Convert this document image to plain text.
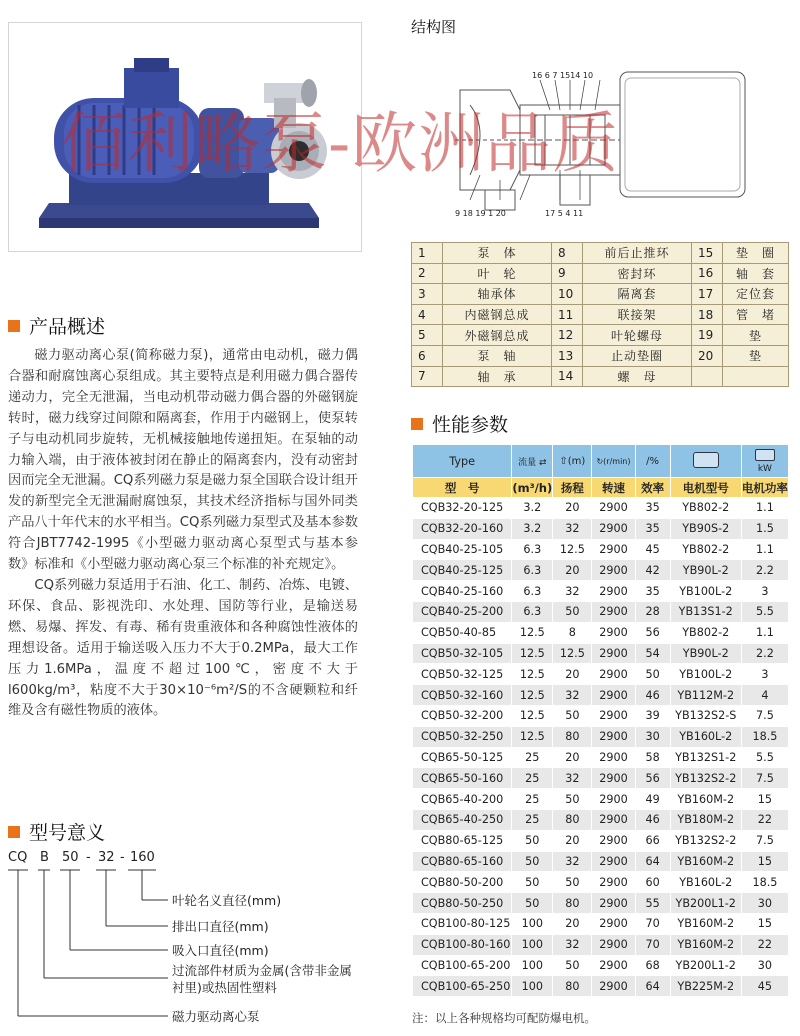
结构图
16 6 7 1514 10
9 18 19 1 20	17 5 4 11
佰利略泵-欧洲品质
1	泵　体	8	前后止推环	15	垫　圈
2	叶　轮	9	密封环	16	轴　套
3	轴承体	10	隔离套	17	定位套
4	内磁钢总成	11	联接架	18	管　堵
5	外磁钢总成	12	叶轮螺母	19	垫
6	泵　轴	13	止动垫圈	20	垫
7	轴　承	14	螺　母		
产品概述

磁力驱动离心泵(简称磁力泵)，通常由电动机，磁力偶合器和耐腐蚀离心泵组成。其主要特点是利用磁力偶合器传递动力，完全无泄漏，当电动机带动磁力偶合器的外磁钢旋转时，磁力线穿过间隙和隔离套，作用于内磁钢上，使泵转子与电动机同步旋转，无机械接触地传递扭矩。在泵轴的动力输入端，由于液体被封闭在静止的隔离套内，没有动密封因而完全无泄漏。CQ系列磁力泵是磁力泵全国联合设计组开发的新型完全无泄漏耐腐蚀泵，其技术经济指标与国外同类产品八十年代末的水平相当。CQ系列磁力泵型式及基本参数符合JBT7742-1995《小型磁力驱动离心泵型式与基本参数》标准和《小型磁力驱动离心泵三个标准的补充规定》。

CQ系列磁力泵适用于石油、化工、制药、冶炼、电镀、环保、食品、影视洗印、水处理、国防等行业，是输送易燃、易爆、挥发、有毒、稀有贵重液体和各种腐蚀性液体的理想设备。适用于输送吸入压力不大于0.2MPa，最大工作压力1.6MPa，温度不超过100℃，密度不大于l600kg/m³，粘度不大于30×10⁻⁶m²/S的不含硬颗粒和纤维及含有磁性物质的液体。

型号意义
CQ B 50 - 32 - 160
叶轮名义直径(mm)
排出口直径(mm)
吸入口直径(mm)
过流部件材质为金属(含带非金属衬里)或热固性塑料
磁力驱动离心泵
性能参数
Type	流量 ⇄	⇧(m)	↻(r/min)	∕%		kW
型　号	(m³/h)	扬程	转速	效率	电机型号	电机功率
CQB32-20-125	3.2	20	2900	35	YB802-2	1.1
CQB32-20-160	3.2	32	2900	35	YB90S-2	1.5
CQB40-25-105	6.3	12.5	2900	45	YB802-2	1.1
CQB40-25-125	6.3	20	2900	42	YB90L-2	2.2
CQB40-25-160	6.3	32	2900	35	YB100L-2	3
CQB40-25-200	6.3	50	2900	28	YB13S1-2	5.5
CQB50-40-85	12.5	8	2900	56	YB802-2	1.1
CQB50-32-105	12.5	12.5	2900	54	YB90L-2	2.2
CQB50-32-125	12.5	20	2900	50	YB100L-2	3
CQB50-32-160	12.5	32	2900	46	YB112M-2	4
CQB50-32-200	12.5	50	2900	39	YB132S2-S	7.5
CQB50-32-250	12.5	80	2900	30	YB160L-2	18.5
CQB65-50-125	25	20	2900	58	YB132S1-2	5.5
CQB65-50-160	25	32	2900	56	YB132S2-2	7.5
CQB65-40-200	25	50	2900	49	YB160M-2	15
CQB65-40-250	25	80	2900	46	YB180M-2	22
CQB80-65-125	50	20	2900	66	YB132S2-2	7.5
CQB80-65-160	50	32	2900	64	YB160M-2	15
CQB80-50-200	50	50	2900	60	YB160L-2	18.5
CQB80-50-250	50	80	2900	55	YB200L1-2	30
CQB100-80-125	100	20	2900	70	YB160M-2	15
CQB100-80-160	100	32	2900	70	YB160M-2	22
CQB100-65-200	100	50	2900	68	YB200L1-2	30
CQB100-65-250	100	80	2900	64	YB225M-2	45
注：以上各种规格均可配防爆电机。
